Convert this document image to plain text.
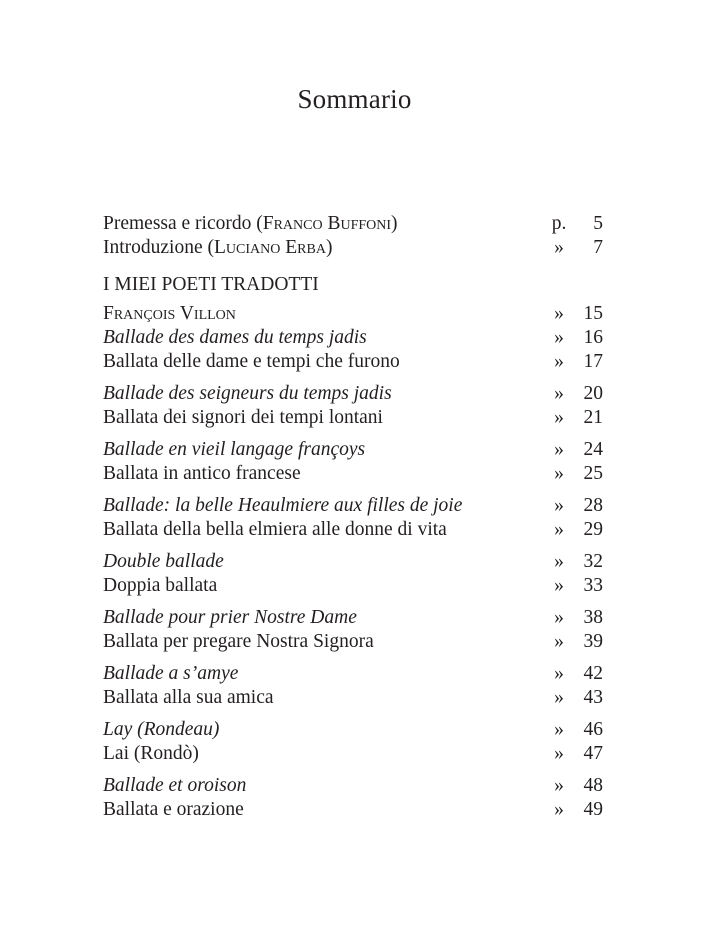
Sommario
Premessa e ricordo (Franco Buffoni)	p.	5
Introduzione (Luciano Erba)	»	7
I MIEI POETI TRADOTTI
François Villon	»	15
Ballade des dames du temps jadis	»	16
Ballata delle dame e tempi che furono	»	17
Ballade des seigneurs du temps jadis	»	20
Ballata dei signori dei tempi lontani	»	21
Ballade en vieil langage françoys	»	24
Ballata in antico francese	»	25
Ballade: la belle Heaulmiere aux filles de joie	»	28
Ballata della bella elmiera alle donne di vita	»	29
Double ballade	»	32
Doppia ballata	»	33
Ballade pour prier Nostre Dame	»	38
Ballata per pregare Nostra Signora	»	39
Ballade a s’amye	»	42
Ballata alla sua amica	»	43
Lay (Rondeau)	»	46
Lai (Rondò)	»	47
Ballade et oroison	»	48
Ballata e orazione	»	49
